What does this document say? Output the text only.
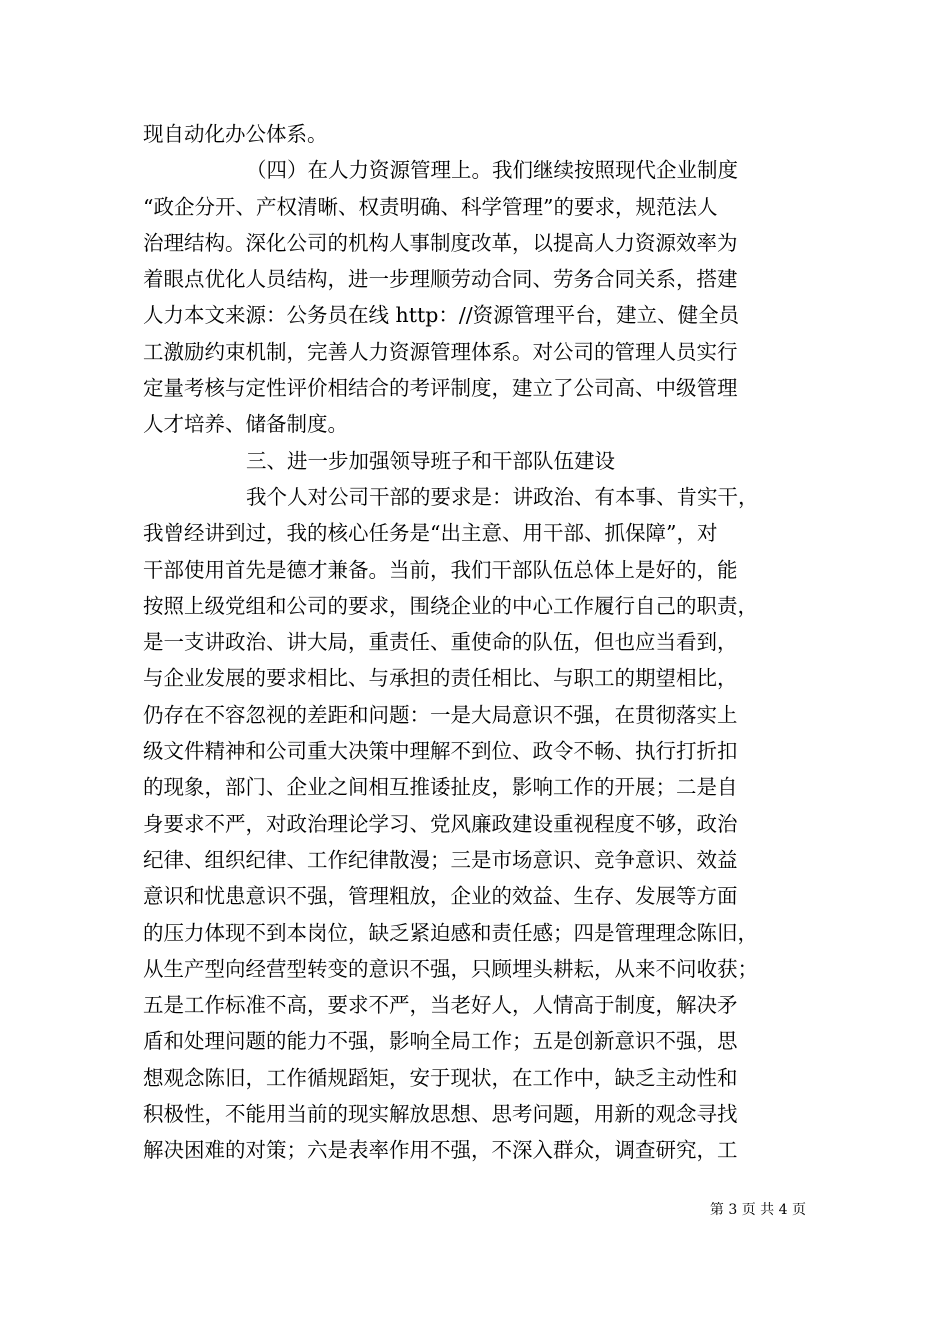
现自动化办公体系。

（四）在人力资源管理上。我们继续按照现代企业制度

“政企分开、产权清晰、权责明确、科学管理”的要求，规范法人

治理结构。深化公司的机构人事制度改革，以提高人力资源效率为

着眼点优化人员结构，进一步理顺劳动合同、劳务合同关系，搭建

人力本文来源：公务员在线 http：//资源管理平台，建立、健全员

工激励约束机制，完善人力资源管理体系。对公司的管理人员实行

定量考核与定性评价相结合的考评制度，建立了公司高、中级管理

人才培养、储备制度。

三、进一步加强领导班子和干部队伍建设

我个人对公司干部的要求是：讲政治、有本事、肯实干，

我曾经讲到过，我的核心任务是“出主意、用干部、抓保障”，对

干部使用首先是德才兼备。当前，我们干部队伍总体上是好的，能

按照上级党组和公司的要求，围绕企业的中心工作履行自己的职责，

是一支讲政治、讲大局，重责任、重使命的队伍，但也应当看到，

与企业发展的要求相比、与承担的责任相比、与职工的期望相比，

仍存在不容忽视的差距和问题：一是大局意识不强，在贯彻落实上

级文件精神和公司重大决策中理解不到位、政令不畅、执行打折扣

的现象，部门、企业之间相互推诿扯皮，影响工作的开展；二是自

身要求不严，对政治理论学习、党风廉政建设重视程度不够，政治

纪律、组织纪律、工作纪律散漫；三是市场意识、竞争意识、效益

意识和忧患意识不强，管理粗放，企业的效益、生存、发展等方面

的压力体现不到本岗位，缺乏紧迫感和责任感；四是管理理念陈旧，

从生产型向经营型转变的意识不强，只顾埋头耕耘，从来不问收获；

五是工作标准不高，要求不严，当老好人，人情高于制度，解决矛

盾和处理问题的能力不强，影响全局工作；五是创新意识不强，思

想观念陈旧，工作循规蹈矩，安于现状，在工作中，缺乏主动性和

积极性，不能用当前的现实解放思想、思考问题，用新的观念寻找

解决困难的对策；六是表率作用不强，不深入群众，调查研究，工

第 3 页 共 4 页
